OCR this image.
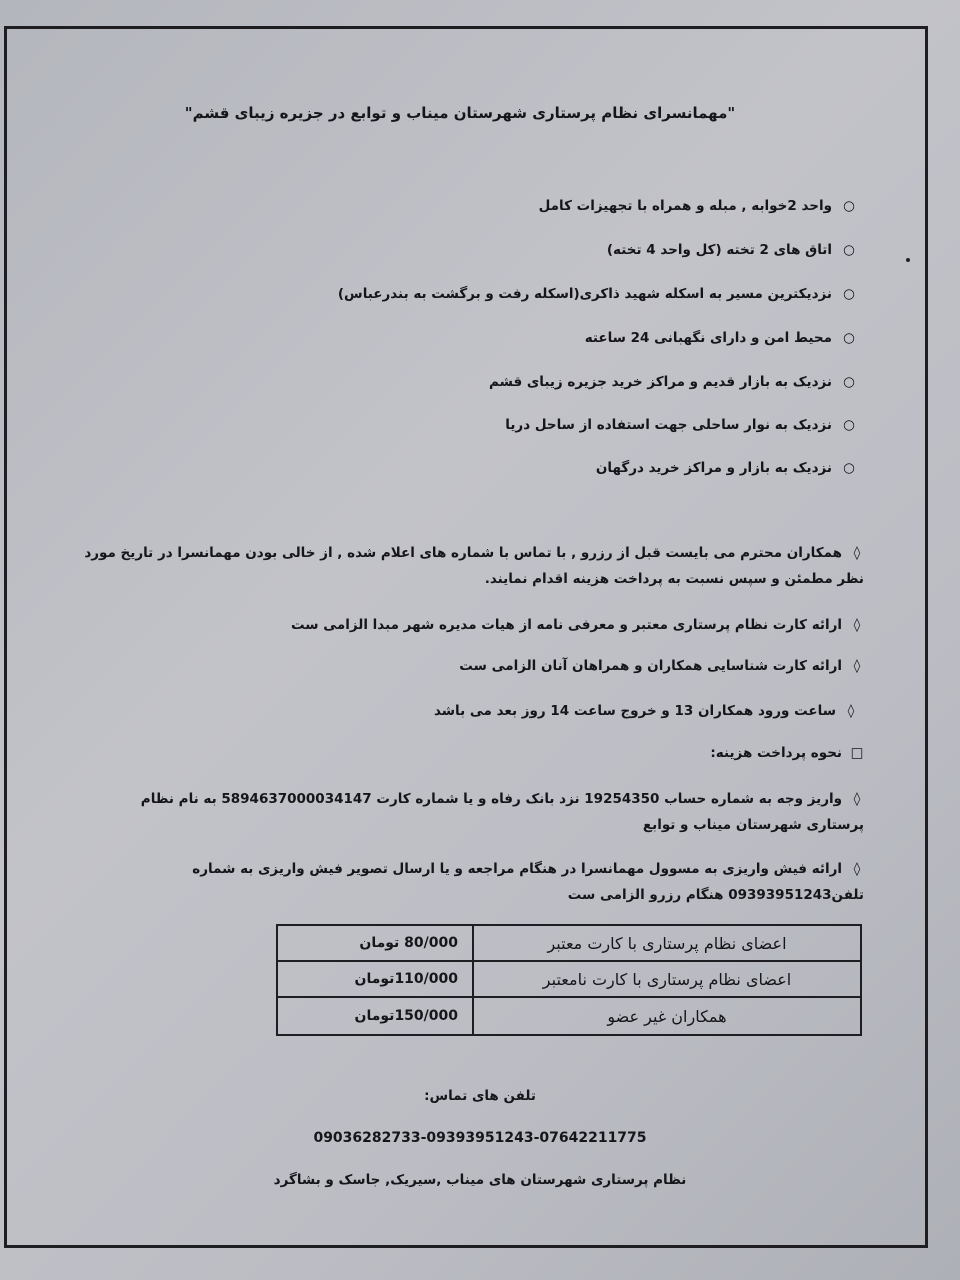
"مهمانسرای نظام پرستاری شهرستان میناب و توابع در جزیره زیبای قشم"
○واحد 2خوابه , مبله و همراه با تجهیزات کامل
○اتاق های 2 تخته (کل واحد 4 تخته)
○نزدیکترین مسیر به اسکله شهید ذاکری(اسکله رفت و برگشت به بندرعباس)
○محیط امن و دارای نگهبانی 24 ساعته
○نزدیک به بازار قدیم و مراکز خرید جزیره زیبای قشم
○نزدیک به نوار ساحلی جهت استفاده از ساحل دریا
○نزدیک به بازار و مراکز خرید درگهان
◊همکاران محترم می بایست قبل از رزرو , با تماس با شماره های اعلام شده , از خالی بودن مهمانسرا در تاریخ مورد نظر مطمئن و سپس نسبت به پرداخت هزینه اقدام نمایند.
◊ارائه کارت نظام پرستاری معتبر و معرفی نامه از هیات مدیره شهر مبدا الزامی ست
◊ارائه کارت شناسایی همکاران و همراهان آنان الزامی ست
◊ساعت ورود همکاران 13 و خروج ساعت 14 روز بعد می باشد
□نحوه پرداخت هزینه:
◊واریز وجه به شماره حساب 19254350 نزد بانک رفاه و یا شماره کارت 5894637000034147 به نام نظام پرستاری شهرستان میناب و توابع
◊ارائه فیش واریزی به مسوول مهمانسرا در هنگام مراجعه و یا ارسال تصویر فیش واریزی به شماره تلفن09393951243 هنگام رزرو الزامی ست
اعضای نظام پرستاری با کارت معتبر	80/000 تومان
اعضای نظام پرستاری با کارت نامعتبر	110/000تومان
همکاران غیر عضو	150/000تومان
تلفن های تماس:
09036282733-09393951243-07642211775
نظام پرستاری شهرستان های میناب ,سیریک, جاسک و بشاگرد
